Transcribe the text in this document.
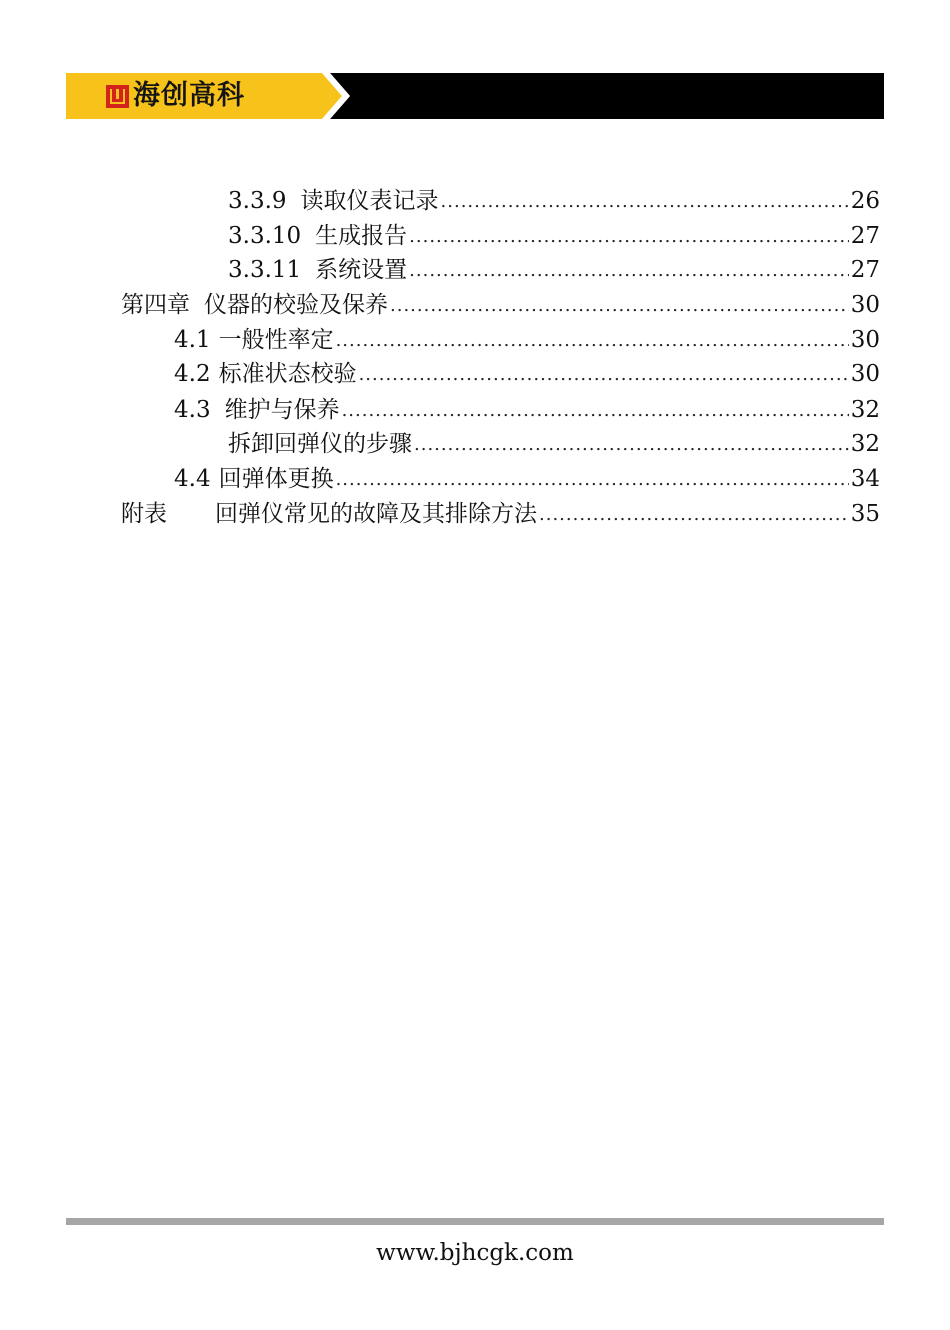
海创高科
3.3.9 读取仪表记录 .....	26
3.3.10 生成报告 .....	27
3.3.11 系统设置 .....	27
第四章 仪器的校验及保养 .....	30
4.1 一般性率定 .....	30
4.2 标准状态校验 .....	30
4.3 维护与保养 .....	32
拆卸回弹仪的步骤 .....	32
4.4 回弹体更换 .....	34
附表 回弹仪常见的故障及其排除方法 .....	35
www.bjhcgk.com
